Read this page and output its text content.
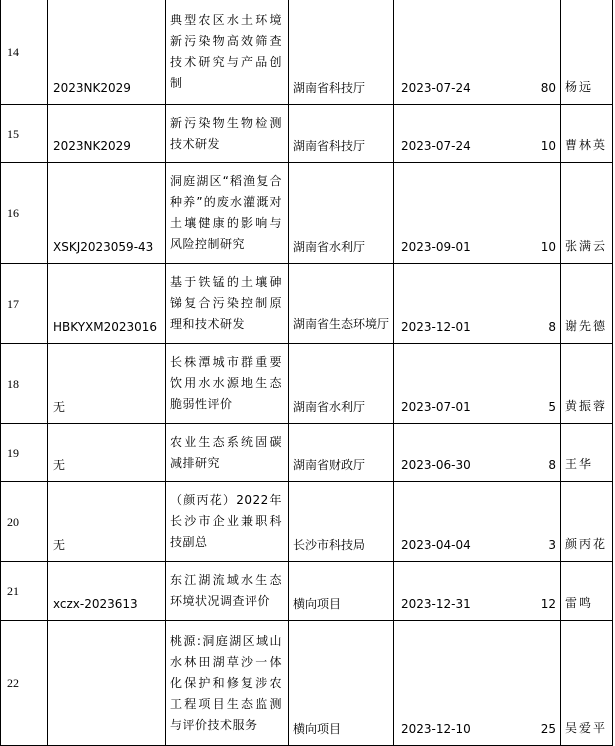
14	2023NK2029	典型农区水土环境新污染物高效筛查技术研究与产品创制	湖南省科技厅	2023-07-24 80	杨远
15	2023NK2029	新污染物生物检测技术研发	湖南省科技厅	2023-07-24 10	曹林英
16	XSKJ2023059-43	洞庭湖区“稻渔复合种养”的废水灌溉对土壤健康的影响与风险控制研究	湖南省水利厅	2023-09-01 10	张满云
17	HBKYXM2023016	基于铁锰的土壤砷锑复合污染控制原理和技术研发	湖南省生态环境厅	2023-12-01 8	谢先德
18	无	长株潭城市群重要饮用水水源地生态脆弱性评价	湖南省水利厅	2023-07-01 5	黄振蓉
19	无	农业生态系统固碳减排研究	湖南省财政厅	2023-06-30 8	王华
20	无	（颜丙花）2022年长沙市企业兼职科技副总	长沙市科技局	2023-04-04 3	颜丙花
21	xczx-2023613	东江湖流域水生态环境状况调查评价	横向项目	2023-12-31 12	雷鸣
22		桃源:洞庭湖区域山水林田湖草沙一体化保护和修复涉农工程项目生态监测与评价技术服务	横向项目	2023-12-10 25	吴爱平
